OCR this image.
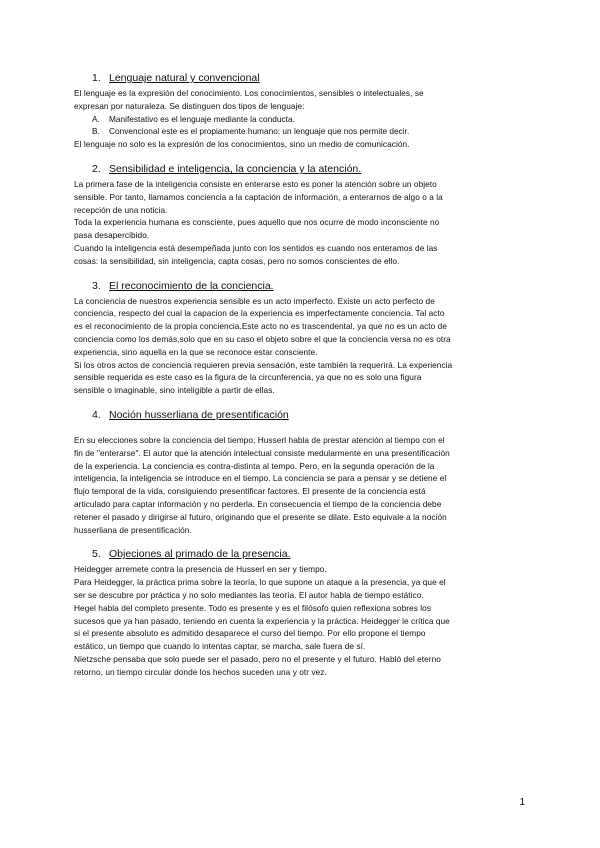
1. Lenguaje natural y convencional

El lenguaje es la expresión del conocimiento. Los conocimientos, sensibles o intelectuales, se

expresan por naturaleza. Se distinguen dos tipos de lenguaje:

A.	Manifestativo es el lenguaje mediante la conducta.
B.	Convencional este es el propiamente humano: un lenguaje que nos permite decir.

El lenguaje no solo es la expresión de los conocimientos, sino un medio de comunicación.

2. Sensibilidad e inteligencia, la conciencia y la atención.

La primera fase de la inteligencia consiste en enterarse esto es poner la atención sobre un objeto

sensible. Por tanto, llamamos conciencia a la captación de información, a enterarnos de algo o a la

recepción de una noticia.

Toda la experiencia humana es consciente, pues aquello que nos ocurre de modo inconsciente no

pasa desapercibido.

Cuando la inteligencia está desempeñada junto con los sentidos es cuando nos enteramos de las

cosas: la sensibilidad, sin inteligencia, capta cosas, pero no somos conscientes de ello.

3. El reconocimiento de la conciencia.

La conciencia de nuestros experiencia sensible es un acto imperfecto. Existe un acto perfecto de

conciencia, respecto del cual la capacion de la experiencia es imperfectamente conciencia. Tal acto

es el reconocimiento de la propia conciencia.Este acto no es trascendental, ya que no es un acto de

conciencia como los demás,solo que en su caso el objeto sobre el que la conciencia versa no es otra

experiencia, sino aquella en la que se reconoce estar consciente.

Si los otros actos de conciencia requieren previa sensación, este también la requerirá. La experiencia

sensible requerida es este caso es la figura de la circunferencia, ya que no es solo una figura

sensible o imaginable, sino inteligible a partir de ellas.

4. Noción husserliana de presentificación

En su elecciones sobre la conciencia del tiempo, Husserl habla de prestar atención al tiempo con el

fin de "enterarse". El autor que la atención intelectual consiste medularmente en una presentificación

de la experiencia. La conciencia es contra-distinta al tempo. Pero, en la segunda operación de la

inteligencia, la inteligencia se introduce en el tiempo. La conciencia se para a pensar y se detiene el

flujo temporal de la vida, consiguiendo presentificar factores. El presente de la conciencia está

articulado para captar información y no perderla. En consecuencia el tiempo de la conciencia debe

retener el pasado y dirigirse al futuro, originando que el presente se dilate. Esto equivale a la noción

husserliana de presentificación.

5. Objeciones al primado de la presencia.

Heidegger arremete contra la presencia de Husserl en ser y tiempo.

Para Heidegger, la práctica prima sobre la teoría, lo que supone un ataque a la presencia, ya que el

ser se descubre por práctica y no solo mediantes las teoría. El autor habla de tiempo estático.

Hegel habla del completo presente. Todo es presente y es el filósofo quien reflexiona sobres los

sucesos que ya han pasado, teniendo en cuenta la experiencia y la práctica. Heidegger le crítica que

si el presente absoluto es admitido desaparece el curso del tiempo. Por ello propone el tiempo

estático, un tiempo que cuando lo intentas captar, se marcha, sale fuera de sí.

Nietzsche pensaba que solo puede ser el pasado, pero no el presente y el futuro. Habló del eterno

retorno, un tiempo circular donde los hechos suceden una y otr vez.

1
